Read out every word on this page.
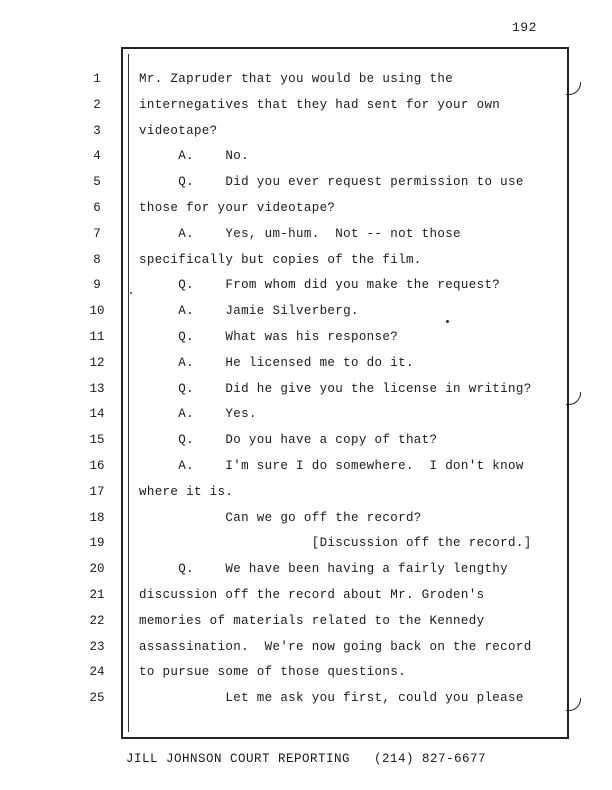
192
1	Mr. Zapruder that you would be using the
2	internegatives that they had sent for your own
3	videotape?
4	A.    No.
5	Q.    Did you ever request permission to use
6	those for your videotape?
7	A.    Yes, um-hum.  Not -- not those
8	specifically but copies of the film.
9	Q.    From whom did you make the request?
10	A.    Jamie Silverberg.
11	Q.    What was his response?
12	A.    He licensed me to do it.
13	Q.    Did he give you the license in writing?
14	A.    Yes.
15	Q.    Do you have a copy of that?
16	A.    I'm sure I do somewhere.  I don't know
17	where it is.
18	Can we go off the record?
19	[Discussion off the record.]
20	Q.    We have been having a fairly lengthy
21	discussion off the record about Mr. Groden's
22	memories of materials related to the Kennedy
23	assassination.  We're now going back on the record
24	to pursue some of those questions.
25	Let me ask you first, could you please
JILL JOHNSON COURT REPORTING   (214) 827-6677
